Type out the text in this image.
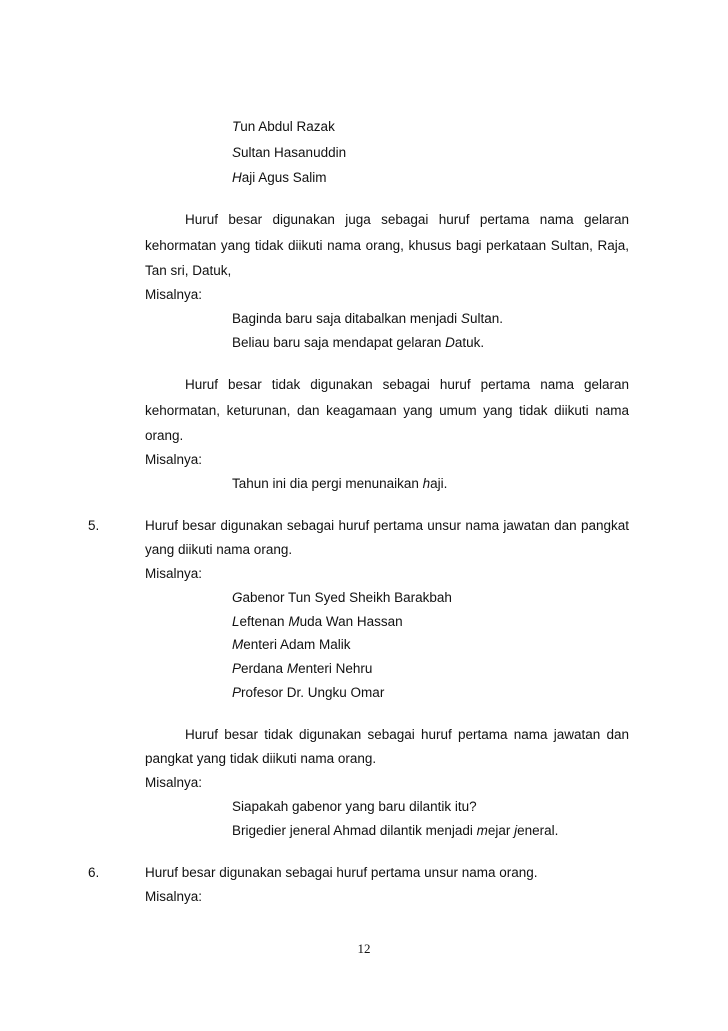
Tun Abdul Razak
Sultan Hasanuddin
Haji Agus Salim
Huruf besar digunakan juga sebagai huruf pertama nama gelaran
kehormatan yang tidak diikuti nama orang, khusus bagi perkataan Sultan, Raja,
Tan sri, Datuk,
Misalnya:
Baginda baru saja ditabalkan menjadi Sultan.
Beliau baru saja mendapat gelaran Datuk.
Huruf besar tidak digunakan sebagai huruf pertama nama gelaran
kehormatan, keturunan, dan keagamaan yang umum yang tidak diikuti nama
orang.
Misalnya:
Tahun ini dia pergi menunaikan haji.
5.	Huruf besar digunakan sebagai huruf pertama unsur nama jawatan dan pangkat
yang diikuti nama orang.
Misalnya:
Gabenor Tun Syed Sheikh Barakbah
Leftenan Muda Wan Hassan
Menteri Adam Malik
Perdana Menteri Nehru
Profesor Dr. Ungku Omar
Huruf besar tidak digunakan sebagai huruf pertama nama jawatan dan
pangkat yang tidak diikuti nama orang.
Misalnya:
Siapakah gabenor yang baru dilantik itu?
Brigedier jeneral Ahmad dilantik menjadi mejar jeneral.
6.	Huruf besar digunakan sebagai huruf pertama unsur nama orang.
Misalnya:
12
